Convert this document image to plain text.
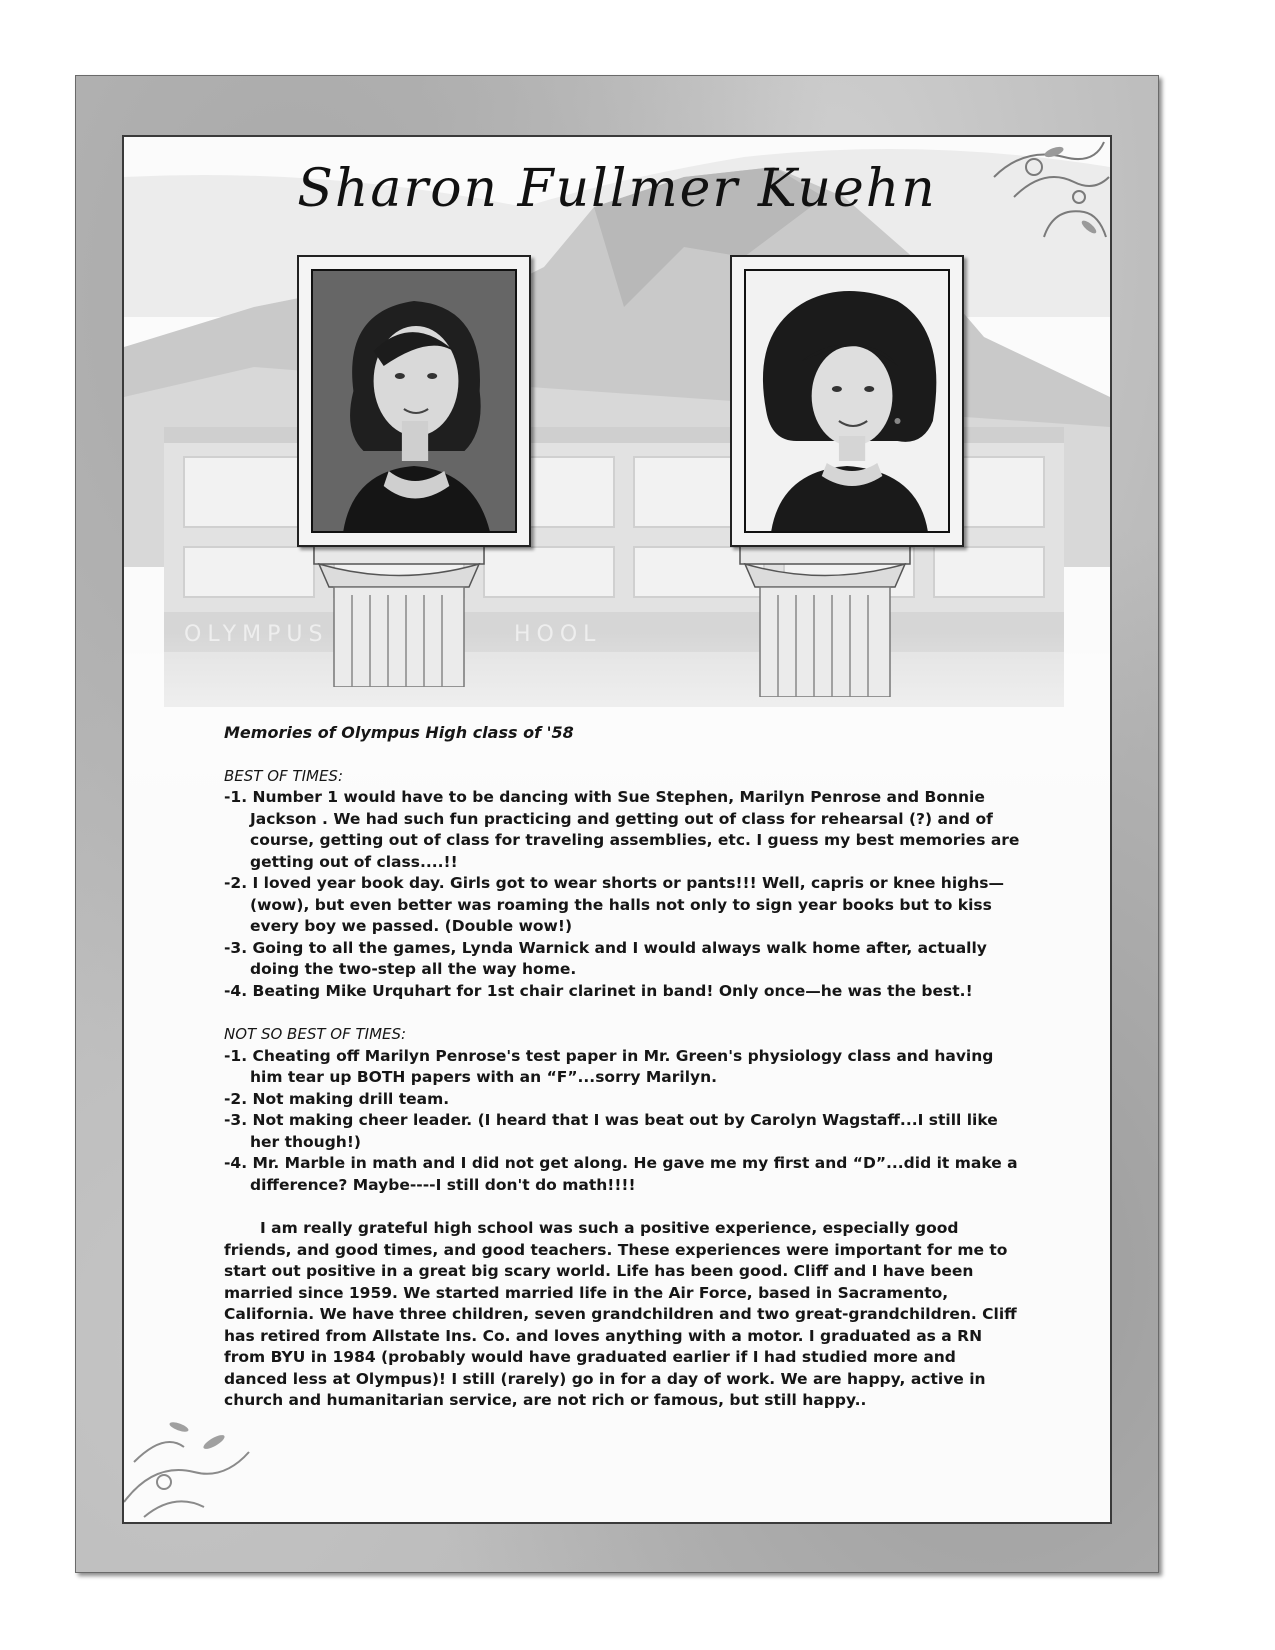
Sharon Fullmer Kuehn

Memories of Olympus High class of '58

BEST OF TIMES:

-1. Number 1 would have to be dancing with Sue Stephen, Marilyn Penrose and Bonnie Jackson . We had such fun practicing and getting out of class for rehearsal (?) and of course, getting out of class for traveling assemblies, etc. I guess my best memories are getting out of class....!!
-2. I loved year book day. Girls got to wear shorts or pants!!! Well, capris or knee highs—(wow), but even better was roaming the halls not only to sign year books but to kiss every boy we passed. (Double wow!)
-3. Going to all the games, Lynda Warnick and I would always walk home after, actually doing the two-step all the way home.
-4. Beating Mike Urquhart for 1st chair clarinet in band! Only once—he was the best.!

NOT SO BEST OF TIMES:

-1. Cheating off Marilyn Penrose's test paper in Mr. Green's physiology class and having him tear up BOTH papers with an “F”...sorry Marilyn.
-2. Not making drill team.
-3. Not making cheer leader. (I heard that I was beat out by Carolyn Wagstaff...I still like her though!)
-4. Mr. Marble in math and I did not get along. He gave me my first and “D”...did it make a difference? Maybe----I still don't do math!!!!

I am really grateful high school was such a positive experience, especially good friends, and good times, and good teachers. These experiences were important for me to start out positive in a great big scary world. Life has been good. Cliff and I have been married since 1959. We started married life in the Air Force, based in Sacramento, California. We have three children, seven grandchildren and two great-grandchildren. Cliff has retired from Allstate Ins. Co. and loves anything with a motor. I graduated as a RN from BYU in 1984 (probably would have graduated earlier if I had studied more and danced less at Olympus)! I still (rarely) go in for a day of work. We are happy, active in church and humanitarian service, are not rich or famous, but still happy..
